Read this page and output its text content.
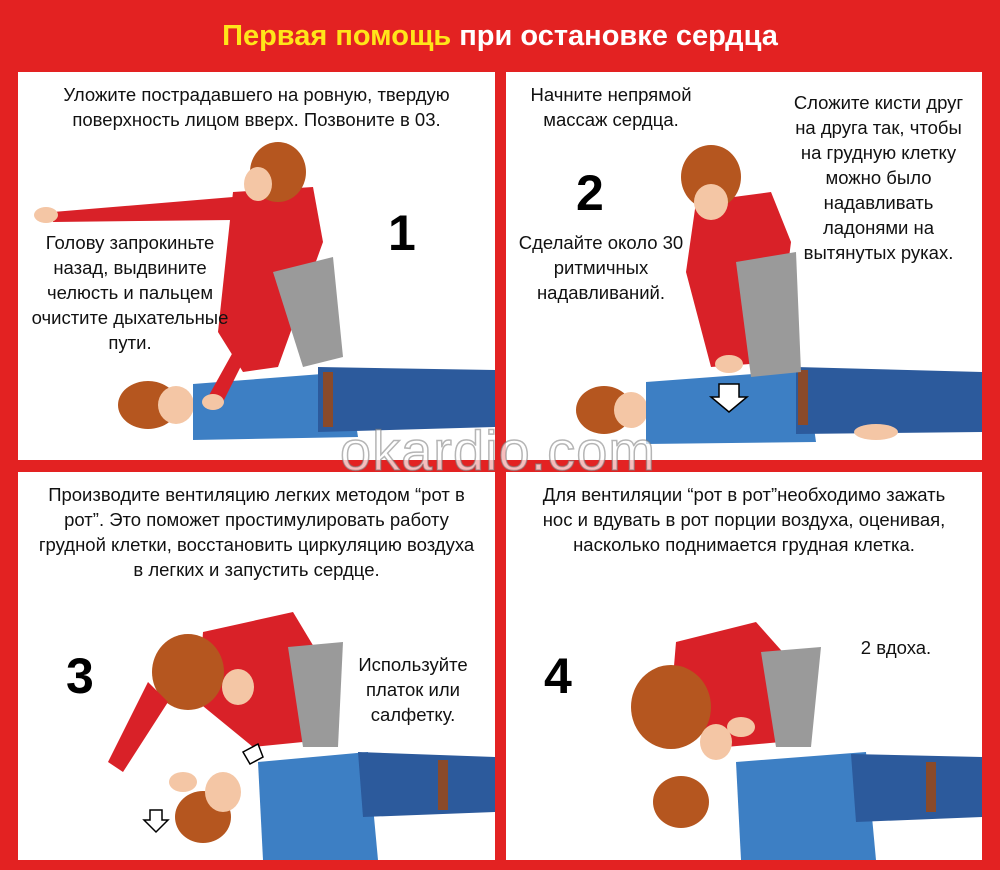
Первая помощь при остановке сердца
Уложите пострадавшего на ровную, твердую поверхность лицом вверх. Позвоните в 03.
Голову запрокиньте назад, выдвините челюсть и пальцем очистите дыхательные пути.
1
Начните непрямой массаж сердца.
Сложите кисти друг на друга так, чтобы на грудную клетку можно было надавливать ладонями на вытянутых руках.
Сделайте около 30 ритмичных надавливаний.
2
Производите вентиляцию легких методом “рот в рот”. Это поможет простимулировать работу грудной клетки, восстановить циркуляцию воздуха в легких и запустить сердце.
Используйте платок или салфетку.
3
Для вентиляции “рот в рот”необходимо зажать нос и вдувать в рот порции воздуха, оценивая, насколько поднимается грудная клетка.
2 вдоха.
4
okardio.com
